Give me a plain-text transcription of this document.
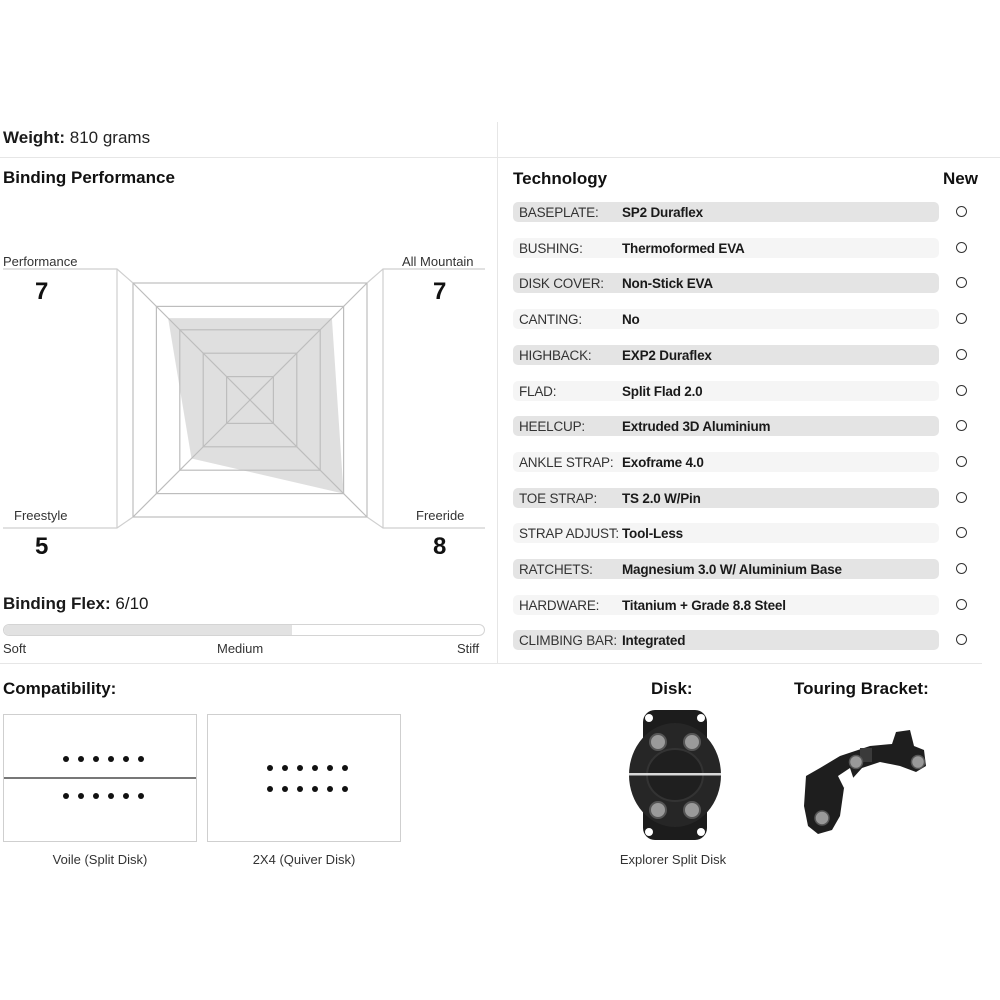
Weight: 810 grams
Binding Performance
Performance
7
All Mountain
7
Freeride
8
Freestyle
5
Binding Flex: 6/10
Soft	Medium	Stiff
Technology	New
BASEPLATE:	SP2 Duraflex
BUSHING:	Thermoformed EVA
DISK COVER:	Non-Stick EVA
CANTING:	No
HIGHBACK:	EXP2 Duraflex
FLAD:	Split Flad 2.0
HEELCUP:	Extruded 3D Aluminium
ANKLE STRAP: Exoframe 4.0
TOE STRAP:	TS 2.0 W/Pin
STRAP ADJUST: Tool-Less
RATCHETS:	Magnesium 3.0 W/ Aluminium Base
HARDWARE:	Titanium + Grade 8.8 Steel
CLIMBING BAR: Integrated
Compatibility:
Voile (Split Disk)	2X4 (Quiver Disk)
Disk:
Explorer Split Disk
Touring Bracket:
